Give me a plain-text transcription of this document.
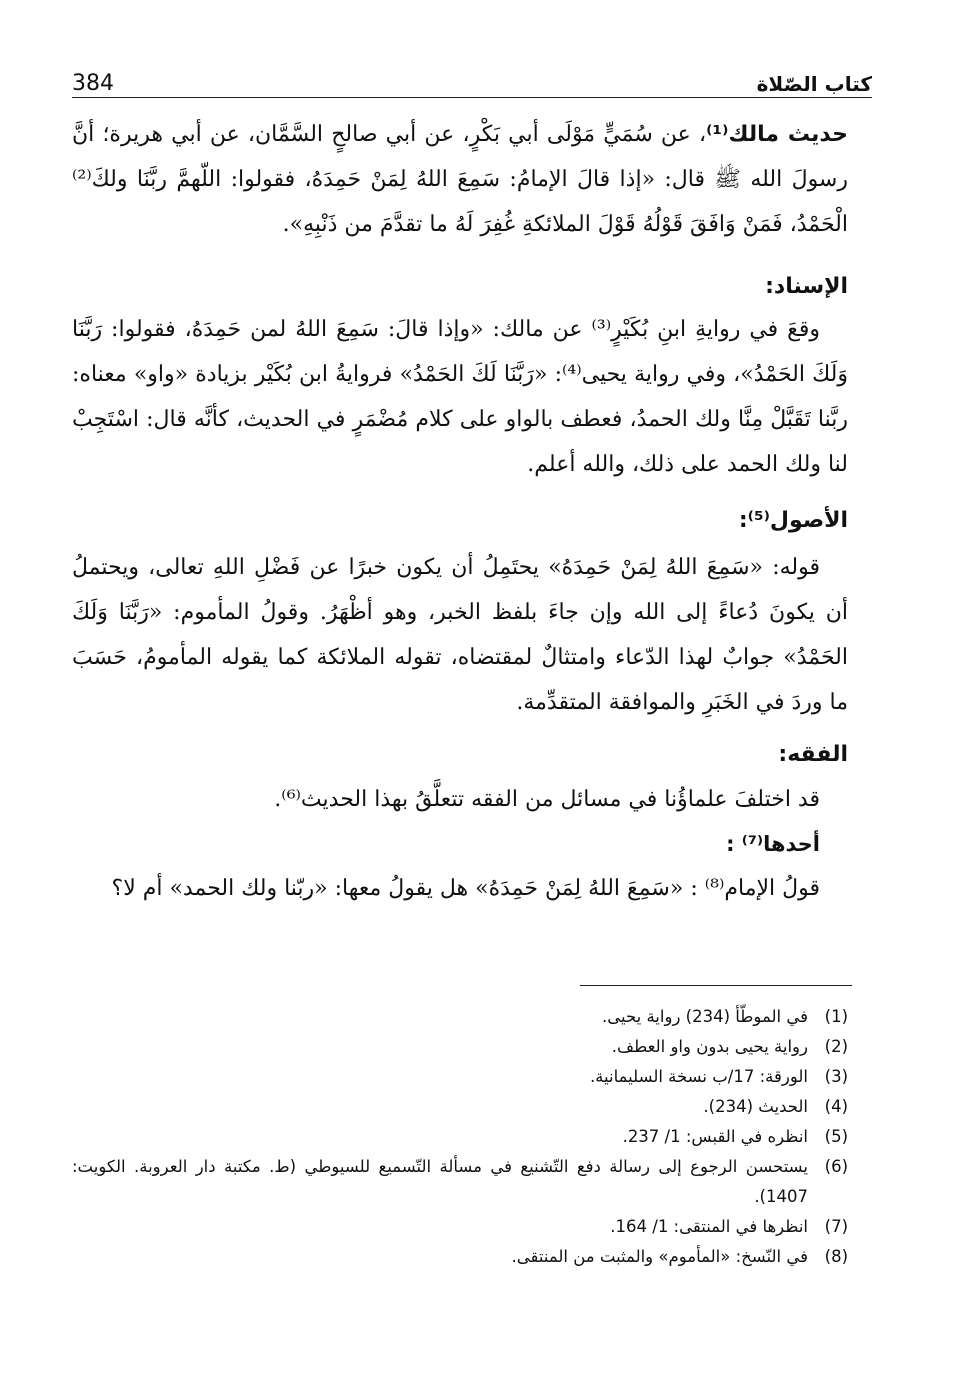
384	كتاب الصّلاة

حديث مالك⁽¹⁾، عن سُمَيٍّ مَوْلَى أبي بَكْرٍ، عن أبي صالحٍ السَّمَّان، عن أبي هريرة؛ أنَّ رسولَ الله ﷺ قال: «إذا قالَ الإمامُ: سَمِعَ اللهُ لِمَنْ حَمِدَهُ، فقولوا: اللّهمَّ ربَّنَا ولكَ⁽²⁾ الْحَمْدُ، فَمَنْ وَافَقَ قَوْلُهُ قَوْلَ الملائكةِ غُفِرَ لَهُ ما تقدَّمَ من ذَنْبِهِ».

الإسناد:

وقعَ في روايةِ ابنِ بُكَيْرٍ⁽³⁾ عن مالك: «وإذا قالَ: سَمِعَ اللهُ لمن حَمِدَهُ، فقولوا: رَبَّنَا وَلَكَ الحَمْدُ»، وفي رواية يحيى⁽⁴⁾: «رَبَّنَا لَكَ الحَمْدُ» فروايةُ ابن بُكَيْر بزيادة «واو» معناه: ربَّنا تَقَبَّلْ مِنَّا ولك الحمدُ، فعطف بالواو على كلام مُضْمَرٍ في الحديث، كأنَّه قال: اسْتَجِبْ لنا ولك الحمد على ذلك، والله أعلم.

الأصول⁽⁵⁾:

قوله: «سَمِعَ اللهُ لِمَنْ حَمِدَهُ» يحتَمِلُ أن يكون خبرًا عن فَضْلِ اللهِ تعالى، ويحتملُ أن يكونَ دُعاءً إلى الله وإن جاءَ بلفظ الخبر، وهو أظْهَرُ. وقولُ المأموم: «رَبَّنَا وَلَكَ الحَمْدُ» جوابٌ لهذا الدّعاء وامتثالٌ لمقتضاه، تقوله الملائكة كما يقوله المأمومُ، حَسَبَ ما وردَ في الخَبَرِ والموافقة المتقدِّمة.

الفقه:

قد اختلفَ علماؤُنا في مسائل من الفقه تتعلَّقُ بهذا الحديث⁽⁶⁾.

أحدها⁽⁷⁾ :

قولُ الإمام⁽⁸⁾ : «سَمِعَ اللهُ لِمَنْ حَمِدَهُ» هل يقولُ معها: «ربّنا ولك الحمد» أم لا؟

(1)
في الموطّأ (234) رواية يحيى.
(2)
رواية يحيى بدون واو العطف.
(3)
الورقة: 17/ب نسخة السليمانية.
(4)
الحديث (234).
(5)
انظره في القبس: 1/ 237.
(6)
يستحسن الرجوع إلى رسالة دفع التّشنيع في مسألة التّسميع للسيوطي (ط. مكتبة دار العروبة. الكويت: 1407).
(7)
انظرها في المنتقى: 1/ 164.
(8)
في النّسخ: «المأموم» والمثبت من المنتقى.
